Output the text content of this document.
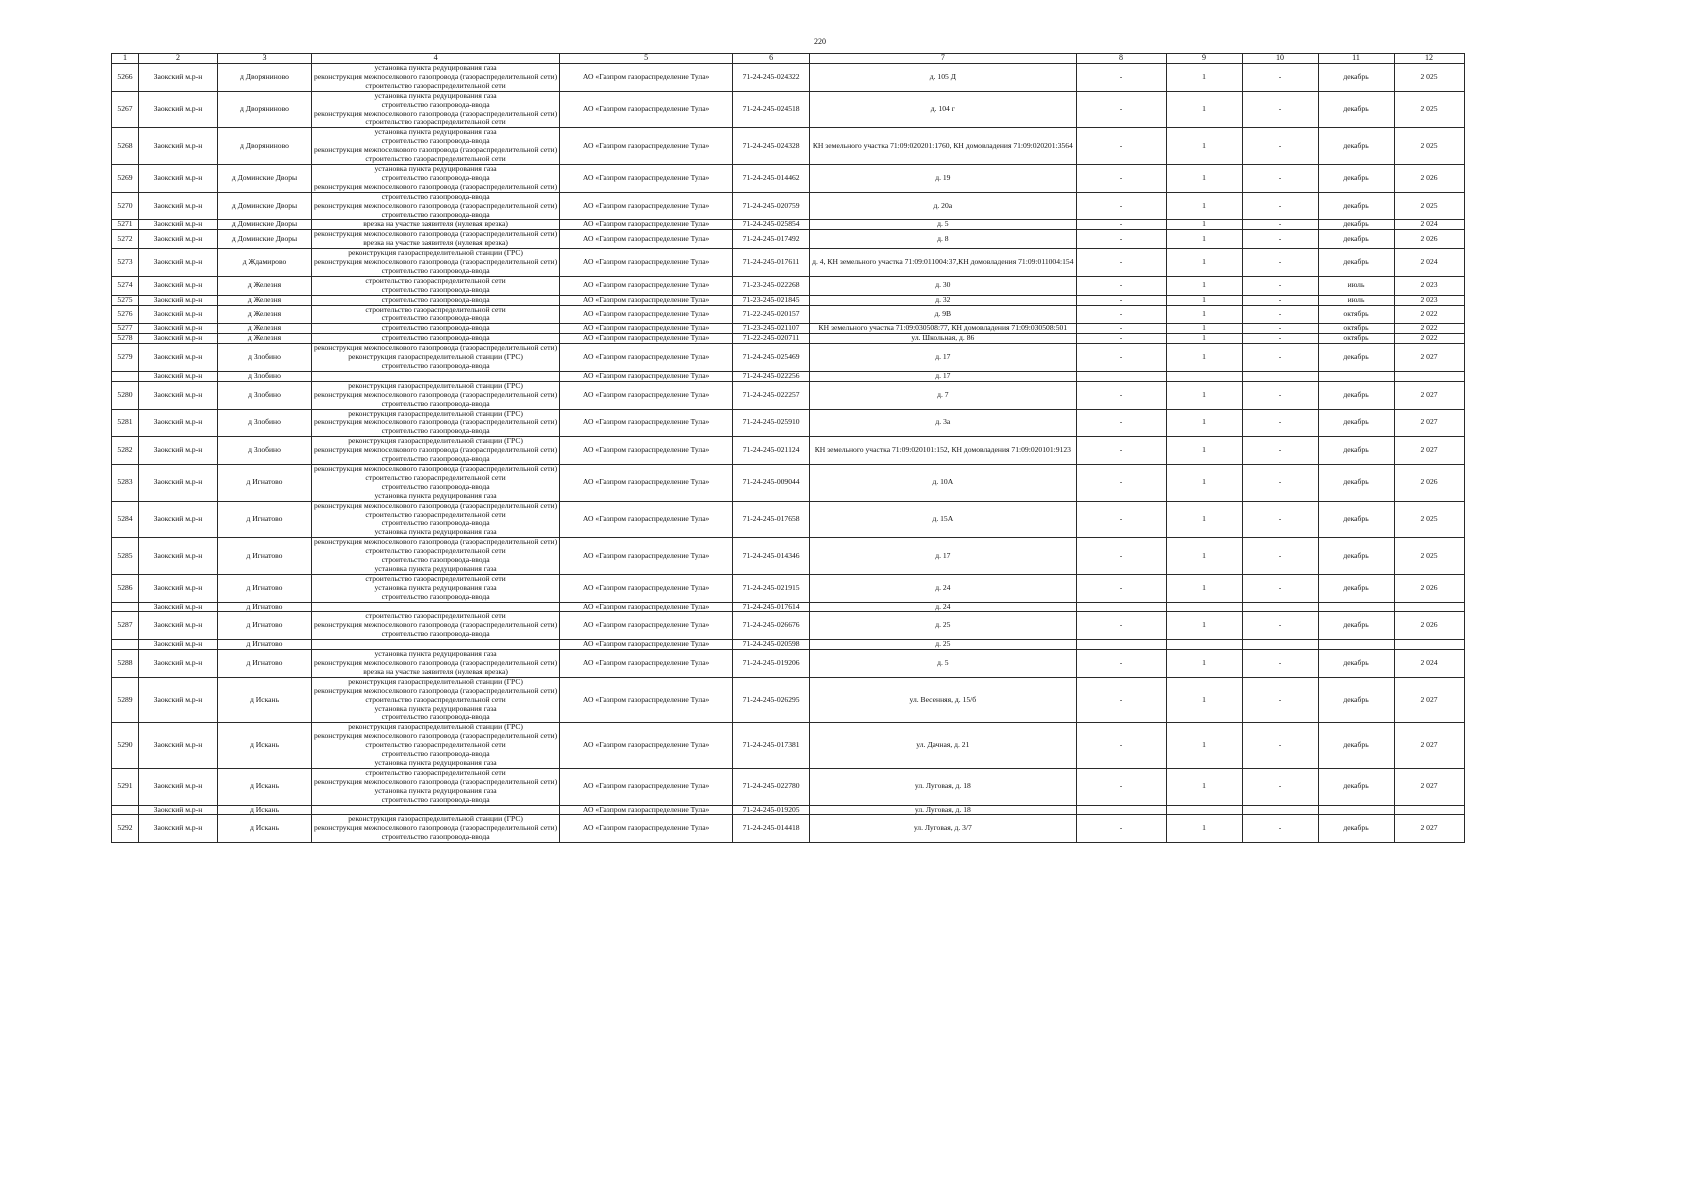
220
1	2	3	4	5	6	7	8	9	10	11	12
5266	Заокский м.р-н	д Дворяниново	установка пункта редуцирования газа
реконструкция межпоселкового газопровода (газораспределительной сети)
строительство газораспределительной сети	АО «Газпром газораспределение Тула»	71-24-245-024322	д. 105 Д	-	1	-	декабрь	2 025
5267	Заокский м.р-н	д Дворяниново	установка пункта редуцирования газа
строительство газопровода-ввода
реконструкция межпоселкового газопровода (газораспределительной сети)
строительство газораспределительной сети	АО «Газпром газораспределение Тула»	71-24-245-024518	д. 104 г	-	1	-	декабрь	2 025
5268	Заокский м.р-н	д Дворяниново	установка пункта редуцирования газа
строительство газопровода-ввода
реконструкция межпоселкового газопровода (газораспределительной сети)
строительство газораспределительной сети	АО «Газпром газораспределение Тула»	71-24-245-024328	КН земельного участка 71:09:020201:1760, КН домовладения 71:09:020201:3564	-	1	-	декабрь	2 025
5269	Заокский м.р-н	д Доминские Дворы	установка пункта редуцирования газа
строительство газопровода-ввода
реконструкция межпоселкового газопровода (газораспределительной сети)	АО «Газпром газораспределение Тула»	71-24-245-014462	д. 19	-	1	-	декабрь	2 026
5270	Заокский м.р-н	д Доминские Дворы	строительство газопровода-ввода
реконструкция межпоселкового газопровода (газораспределительной сети)
строительство газопровода-ввода	АО «Газпром газораспределение Тула»	71-24-245-020759	д. 20а	-	1	-	декабрь	2 025
5271	Заокский м.р-н	д Доминские Дворы	врезка на участке заявителя (нулевая врезка)	АО «Газпром газораспределение Тула»	71-24-245-025854	д. 5	-	1	-	декабрь	2 024
5272	Заокский м.р-н	д Доминские Дворы	реконструкция межпоселкового газопровода (газораспределительной сети)
врезка на участке заявителя (нулевая врезка)	АО «Газпром газораспределение Тула»	71-24-245-017492	д. 8	-	1	-	декабрь	2 026
5273	Заокский м.р-н	д Ждамирово	реконструкция газораспределительной станции (ГРС)
реконструкция межпоселкового газопровода (газораспределительной сети)
строительство газопровода-ввода	АО «Газпром газораспределение Тула»	71-24-245-017611	д. 4, КН земельного участка 71:09:011004:37,КН домовладения 71:09:011004:154	-	1	-	декабрь	2 024
5274	Заокский м.р-н	д Железня	строительство газораспределительной сети
строительство газопровода-ввода	АО «Газпром газораспределение Тула»	71-23-245-022268	д. 30	-	1	-	июль	2 023
5275	Заокский м.р-н	д Железня	строительство газопровода-ввода	АО «Газпром газораспределение Тула»	71-23-245-021845	д. 32	-	1	-	июль	2 023
5276	Заокский м.р-н	д Железня	строительство газораспределительной сети
строительство газопровода-ввода	АО «Газпром газораспределение Тула»	71-22-245-020157	д. 9В	-	1	-	октябрь	2 022
5277	Заокский м.р-н	д Железня	строительство газопровода-ввода	АО «Газпром газораспределение Тула»	71-23-245-021107	КН земельного участка 71:09:030508:77, КН домовладения 71:09:030508:501	-	1	-	октябрь	2 022
5278	Заокский м.р-н	д Железня	строительство газопровода-ввода	АО «Газпром газораспределение Тула»	71-22-245-020711	ул. Школьная, д. 86	-	1	-	октябрь	2 022
5279	Заокский м.р-н	д Злобино	реконструкция межпоселкового газопровода (газораспределительной сети)
реконструкция газораспределительной станции (ГРС)
строительство газопровода-ввода	АО «Газпром газораспределение Тула»	71-24-245-025469	д. 17	-	1	-	декабрь	2 027
	Заокский м.р-н	д Злобино		АО «Газпром газораспределение Тула»	71-24-245-022256	д. 17					
5280	Заокский м.р-н	д Злобино	реконструкция газораспределительной станции (ГРС)
реконструкция межпоселкового газопровода (газораспределительной сети)
строительство газопровода-ввода	АО «Газпром газораспределение Тула»	71-24-245-022257	д. 7	-	1	-	декабрь	2 027
5281	Заокский м.р-н	д Злобино	реконструкция газораспределительной станции (ГРС)
реконструкция межпоселкового газопровода (газораспределительной сети)
строительство газопровода-ввода	АО «Газпром газораспределение Тула»	71-24-245-025910	д. 3а	-	1	-	декабрь	2 027
5282	Заокский м.р-н	д Злобино	реконструкция газораспределительной станции (ГРС)
реконструкция межпоселкового газопровода (газораспределительной сети)
строительство газопровода-ввода	АО «Газпром газораспределение Тула»	71-24-245-021124	КН земельного участка 71:09:020101:152, КН домовладения 71:09:020101:9123	-	1	-	декабрь	2 027
5283	Заокский м.р-н	д Игнатово	реконструкция межпоселкового газопровода (газораспределительной сети)
строительство газораспределительной сети
строительство газопровода-ввода
установка пункта редуцирования газа	АО «Газпром газораспределение Тула»	71-24-245-009044	д. 10А	-	1	-	декабрь	2 026
5284	Заокский м.р-н	д Игнатово	реконструкция межпоселкового газопровода (газораспределительной сети)
строительство газораспределительной сети
строительство газопровода-ввода
установка пункта редуцирования газа	АО «Газпром газораспределение Тула»	71-24-245-017658	д. 15А	-	1	-	декабрь	2 025
5285	Заокский м.р-н	д Игнатово	реконструкция межпоселкового газопровода (газораспределительной сети)
строительство газораспределительной сети
строительство газопровода-ввода
установка пункта редуцирования газа	АО «Газпром газораспределение Тула»	71-24-245-014346	д. 17	-	1	-	декабрь	2 025
5286	Заокский м.р-н	д Игнатово	строительство газораспределительной сети
установка пункта редуцирования газа
строительство газопровода-ввода	АО «Газпром газораспределение Тула»	71-24-245-021915	д. 24	-	1	-	декабрь	2 026
	Заокский м.р-н	д Игнатово		АО «Газпром газораспределение Тула»	71-24-245-017614	д. 24					
5287	Заокский м.р-н	д Игнатово	строительство газораспределительной сети
реконструкция межпоселкового газопровода (газораспределительной сети)
строительство газопровода-ввода	АО «Газпром газораспределение Тула»	71-24-245-026676	д. 25	-	1	-	декабрь	2 026
	Заокский м.р-н	д Игнатово		АО «Газпром газораспределение Тула»	71-24-245-020598	д. 25					
5288	Заокский м.р-н	д Игнатово	установка пункта редуцирования газа
реконструкция межпоселкового газопровода (газораспределительной сети)
врезка на участке заявителя (нулевая врезка)	АО «Газпром газораспределение Тула»	71-24-245-019206	д. 5	-	1	-	декабрь	2 024
5289	Заокский м.р-н	д Искань	реконструкция газораспределительной станции (ГРС)
реконструкция межпоселкового газопровода (газораспределительной сети)
строительство газораспределительной сети
установка пункта редуцирования газа
строительство газопровода-ввода	АО «Газпром газораспределение Тула»	71-24-245-026295	ул. Весенняя, д. 15/б	-	1	-	декабрь	2 027
5290	Заокский м.р-н	д Искань	реконструкция газораспределительной станции (ГРС)
реконструкция межпоселкового газопровода (газораспределительной сети)
строительство газораспределительной сети
строительство газопровода-ввода
установка пункта редуцирования газа	АО «Газпром газораспределение Тула»	71-24-245-017381	ул. Дачная, д. 21	-	1	-	декабрь	2 027
5291	Заокский м.р-н	д Искань	строительство газораспределительной сети
реконструкция межпоселкового газопровода (газораспределительной сети)
установка пункта редуцирования газа
строительство газопровода-ввода	АО «Газпром газораспределение Тула»	71-24-245-022780	ул. Луговая, д. 18	-	1	-	декабрь	2 027
	Заокский м.р-н	д Искань		АО «Газпром газораспределение Тула»	71-24-245-019205	ул. Луговая, д. 18					
5292	Заокский м.р-н	д Искань	реконструкция газораспределительной станции (ГРС)
реконструкция межпоселкового газопровода (газораспределительной сети)
строительство газопровода-ввода	АО «Газпром газораспределение Тула»	71-24-245-014418	ул. Луговая, д. 3/7	-	1	-	декабрь	2 027
